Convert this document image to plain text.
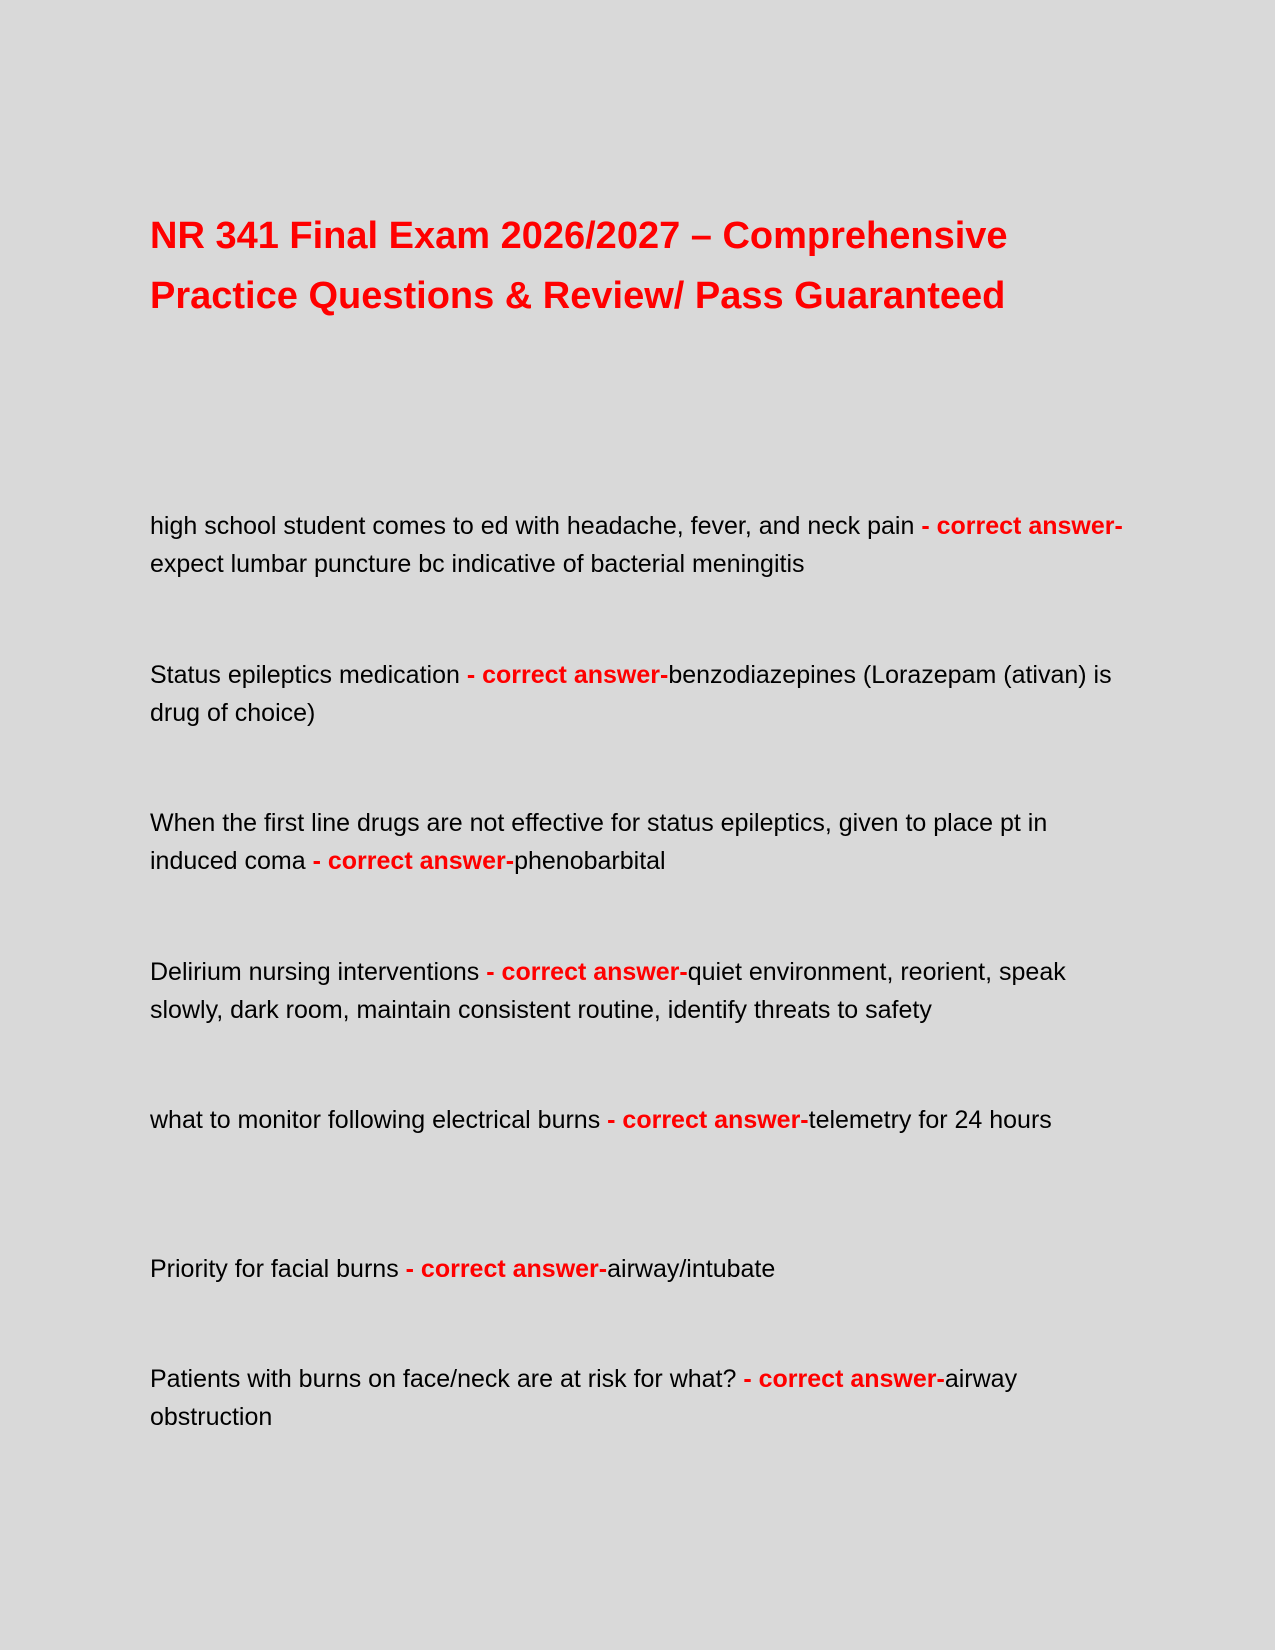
NR 341 Final Exam 2026/2027 – Comprehensive Practice Questions & Review/ Pass Guaranteed

high school student comes to ed with headache, fever, and neck pain - correct answer-expect lumbar puncture bc indicative of bacterial meningitis

Status epileptics medication - correct answer-benzodiazepines (Lorazepam (ativan) is drug of choice)

When the first line drugs are not effective for status epileptics, given to place pt in induced coma - correct answer-phenobarbital

Delirium nursing interventions - correct answer-quiet environment, reorient, speak slowly, dark room, maintain consistent routine, identify threats to safety

what to monitor following electrical burns - correct answer-telemetry for 24 hours

Priority for facial burns - correct answer-airway/intubate

Patients with burns on face/neck are at risk for what? - correct answer-airway obstruction
